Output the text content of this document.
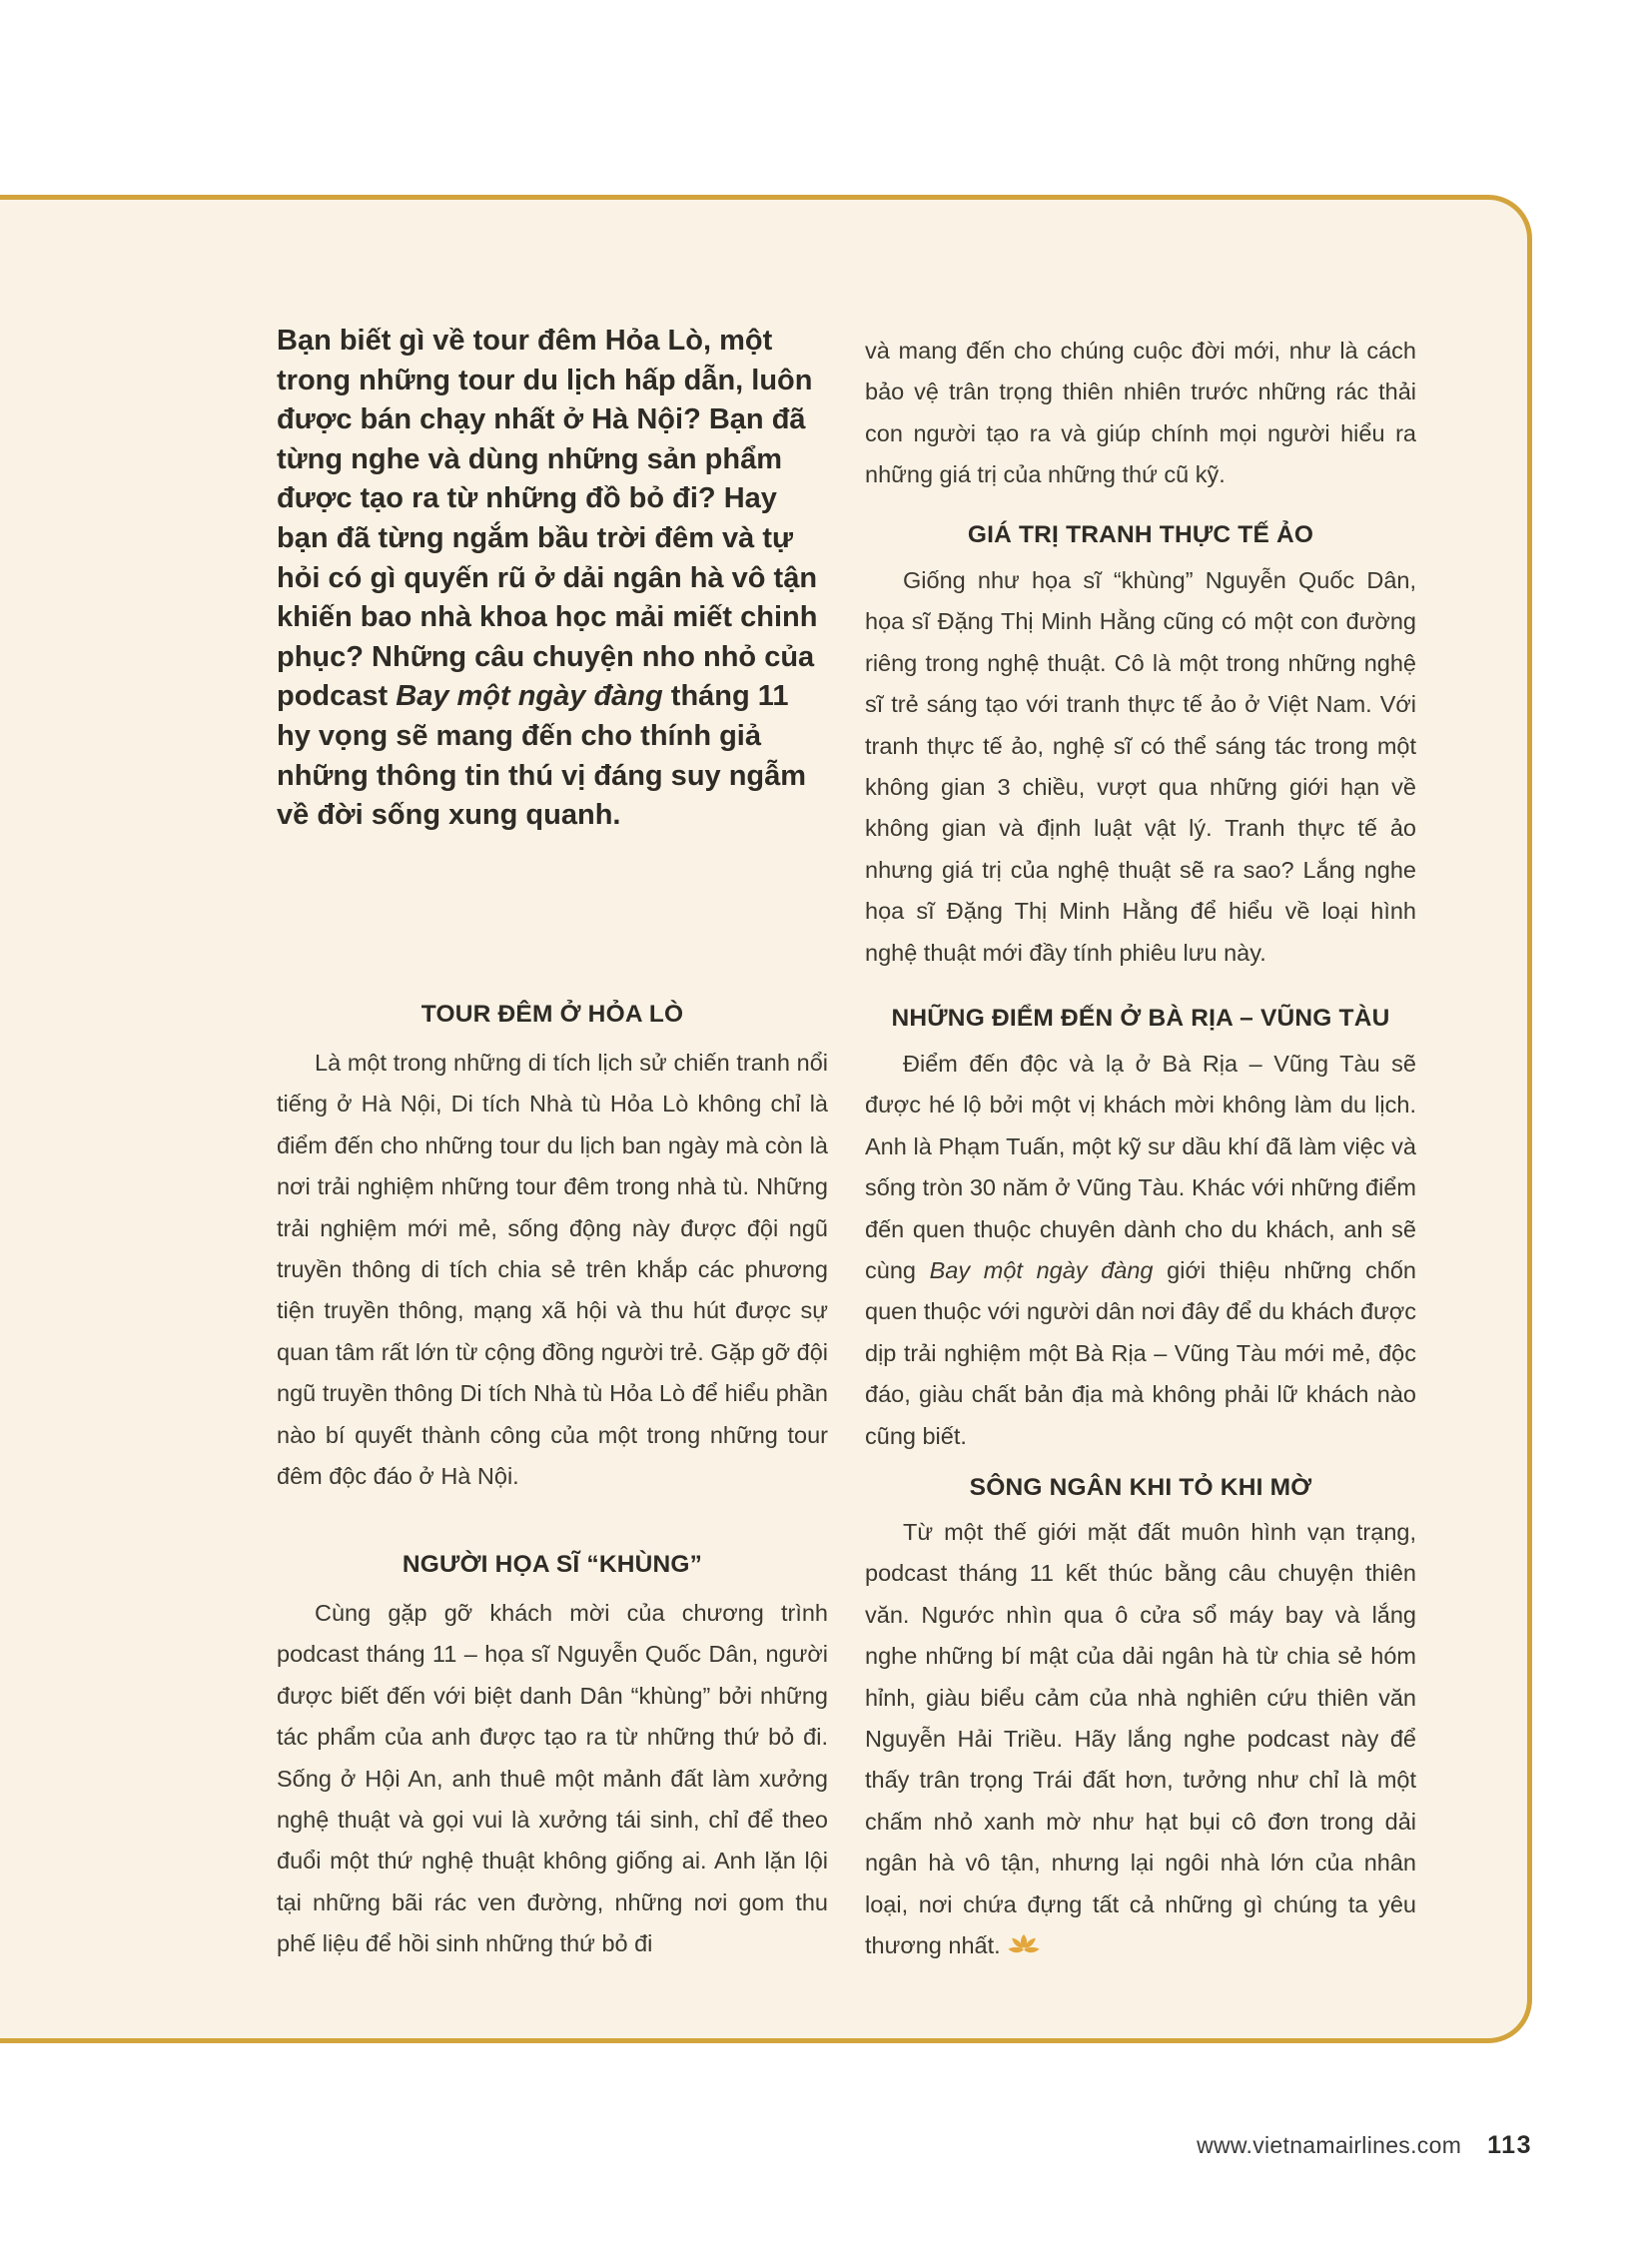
Bạn biết gì về tour đêm Hỏa Lò, một trong những tour du lịch hấp dẫn, luôn được bán chạy nhất ở Hà Nội? Bạn đã từng nghe và dùng những sản phẩm được tạo ra từ những đồ bỏ đi? Hay bạn đã từng ngắm bầu trời đêm và tự hỏi có gì quyến rũ ở dải ngân hà vô tận khiến bao nhà khoa học mải miết chinh phục? Những câu chuyện nho nhỏ của podcast Bay một ngày đàng tháng 11 hy vọng sẽ mang đến cho thính giả những thông tin thú vị đáng suy ngẫm về đời sống xung quanh.

TOUR ĐÊM Ở HỎA LÒ

Là một trong những di tích lịch sử chiến tranh nổi tiếng ở Hà Nội, Di tích Nhà tù Hỏa Lò không chỉ là điểm đến cho những tour du lịch ban ngày mà còn là nơi trải nghiệm những tour đêm trong nhà tù. Những trải nghiệm mới mẻ, sống động này được đội ngũ truyền thông di tích chia sẻ trên khắp các phương tiện truyền thông, mạng xã hội và thu hút được sự quan tâm rất lớn từ cộng đồng người trẻ. Gặp gỡ đội ngũ truyền thông Di tích Nhà tù Hỏa Lò để hiểu phần nào bí quyết thành công của một trong những tour đêm độc đáo ở Hà Nội.

NGƯỜI HỌA SĨ “KHÙNG”

Cùng gặp gỡ khách mời của chương trình podcast tháng 11 – họa sĩ Nguyễn Quốc Dân, người được biết đến với biệt danh Dân “khùng” bởi những tác phẩm của anh được tạo ra từ những thứ bỏ đi. Sống ở Hội An, anh thuê một mảnh đất làm xưởng nghệ thuật và gọi vui là xưởng tái sinh, chỉ để theo đuổi một thứ nghệ thuật không giống ai. Anh lặn lội tại những bãi rác ven đường, những nơi gom thu phế liệu để hồi sinh những thứ bỏ đi

và mang đến cho chúng cuộc đời mới, như là cách bảo vệ trân trọng thiên nhiên trước những rác thải con người tạo ra và giúp chính mọi người hiểu ra những giá trị của những thứ cũ kỹ.

GIÁ TRỊ TRANH THỰC TẾ ẢO

Giống như họa sĩ “khùng” Nguyễn Quốc Dân, họa sĩ Đặng Thị Minh Hằng cũng có một con đường riêng trong nghệ thuật. Cô là một trong những nghệ sĩ trẻ sáng tạo với tranh thực tế ảo ở Việt Nam. Với tranh thực tế ảo, nghệ sĩ có thể sáng tác trong một không gian 3 chiều, vượt qua những giới hạn về không gian và định luật vật lý. Tranh thực tế ảo nhưng giá trị của nghệ thuật sẽ ra sao? Lắng nghe họa sĩ Đặng Thị Minh Hằng để hiểu về loại hình nghệ thuật mới đầy tính phiêu lưu này.

NHỮNG ĐIỂM ĐẾN Ở BÀ RỊA – VŨNG TÀU

Điểm đến độc và lạ ở Bà Rịa – Vũng Tàu sẽ được hé lộ bởi một vị khách mời không làm du lịch. Anh là Phạm Tuấn, một kỹ sư dầu khí đã làm việc và sống tròn 30 năm ở Vũng Tàu. Khác với những điểm đến quen thuộc chuyên dành cho du khách, anh sẽ cùng Bay một ngày đàng giới thiệu những chốn quen thuộc với người dân nơi đây để du khách được dịp trải nghiệm một Bà Rịa – Vũng Tàu mới mẻ, độc đáo, giàu chất bản địa mà không phải lữ khách nào cũng biết.

SÔNG NGÂN KHI TỎ KHI MỜ

Từ một thế giới mặt đất muôn hình vạn trạng, podcast tháng 11 kết thúc bằng câu chuyện thiên văn. Ngước nhìn qua ô cửa sổ máy bay và lắng nghe những bí mật của dải ngân hà từ chia sẻ hóm hỉnh, giàu biểu cảm của nhà nghiên cứu thiên văn Nguyễn Hải Triều. Hãy lắng nghe podcast này để thấy trân trọng Trái đất hơn, tưởng như chỉ là một chấm nhỏ xanh mờ như hạt bụi cô đơn trong dải ngân hà vô tận, nhưng lại ngôi nhà lớn của nhân loại, nơi chứa đựng tất cả những gì chúng ta yêu thương nhất.

www.vietnamairlines.com 113
